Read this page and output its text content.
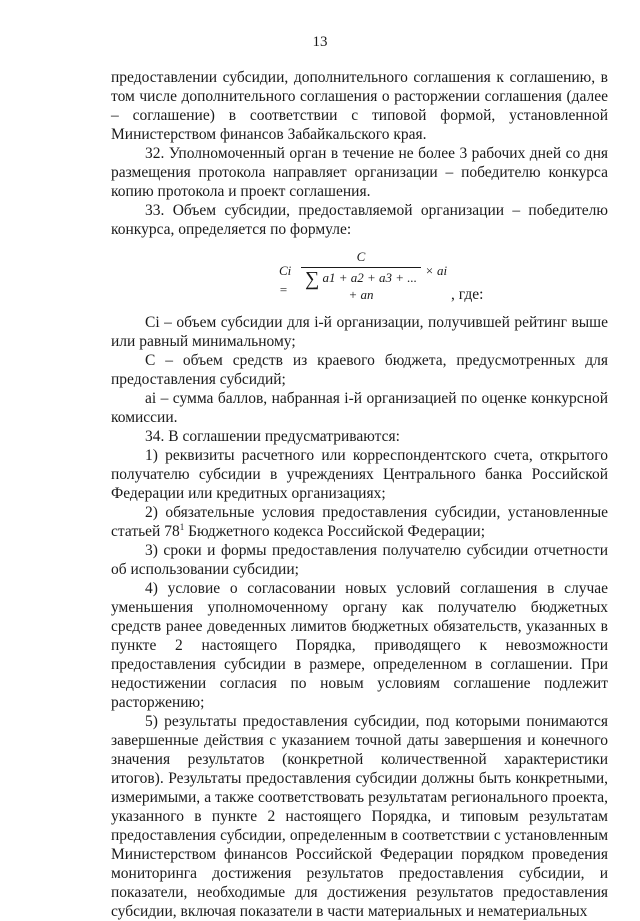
13

предоставлении субсидии, дополнительного соглашения к соглашению, в том числе дополнительного соглашения о расторжении соглашения (далее – соглашение) в соответствии с типовой формой, установленной Министерством финансов Забайкальского края.

32. Уполномоченный орган в течение не более 3 рабочих дней со дня размещения протокола направляет организации – победителю конкурса копию протокола и проект соглашения.

33. Объем субсидии, предоставляемой организации – победителю конкурса, определяется по формуле:

Ci =
C
∑ a1 + a2 + a3 + ... + an
× ai
, где:

Ci – объем субсидии для i-й организации, получившей рейтинг выше или равный минимальному;

C – объем средств из краевого бюджета, предусмотренных для предоставления субсидий;

ai – сумма баллов, набранная i-й организацией по оценке конкурсной комиссии.

34. В соглашении предусматриваются:

1) реквизиты расчетного или корреспондентского счета, открытого получателю субсидии в учреждениях Центрального банка Российской Федерации или кредитных организациях;

2) обязательные условия предоставления субсидии, установленные статьей $78^1$ Бюджетного кодекса Российской Федерации;

3) сроки и формы предоставления получателю субсидии отчетности об использовании субсидии;

4) условие о согласовании новых условий соглашения в случае уменьшения уполномоченному органу как получателю бюджетных средств ранее доведенных лимитов бюджетных обязательств, указанных в пункте 2 настоящего Порядка, приводящего к невозможности предоставления субсидии в размере, определенном в соглашении. При недостижении согласия по новым условиям соглашение подлежит расторжению;

5) результаты предоставления субсидии, под которыми понимаются завершенные действия с указанием точной даты завершения и конечного значения результатов (конкретной количественной характеристики итогов). Результаты предоставления субсидии должны быть конкретными, измеримыми, а также соответствовать результатам регионального проекта, указанного в пункте 2 настоящего Порядка, и типовым результатам предоставления субсидии, определенным в соответствии с установленным Министерством финансов Российской Федерации порядком проведения мониторинга достижения результатов предоставления субсидии, и показатели, необходимые для достижения результатов предоставления субсидии, включая показатели в части материальных и нематериальных
